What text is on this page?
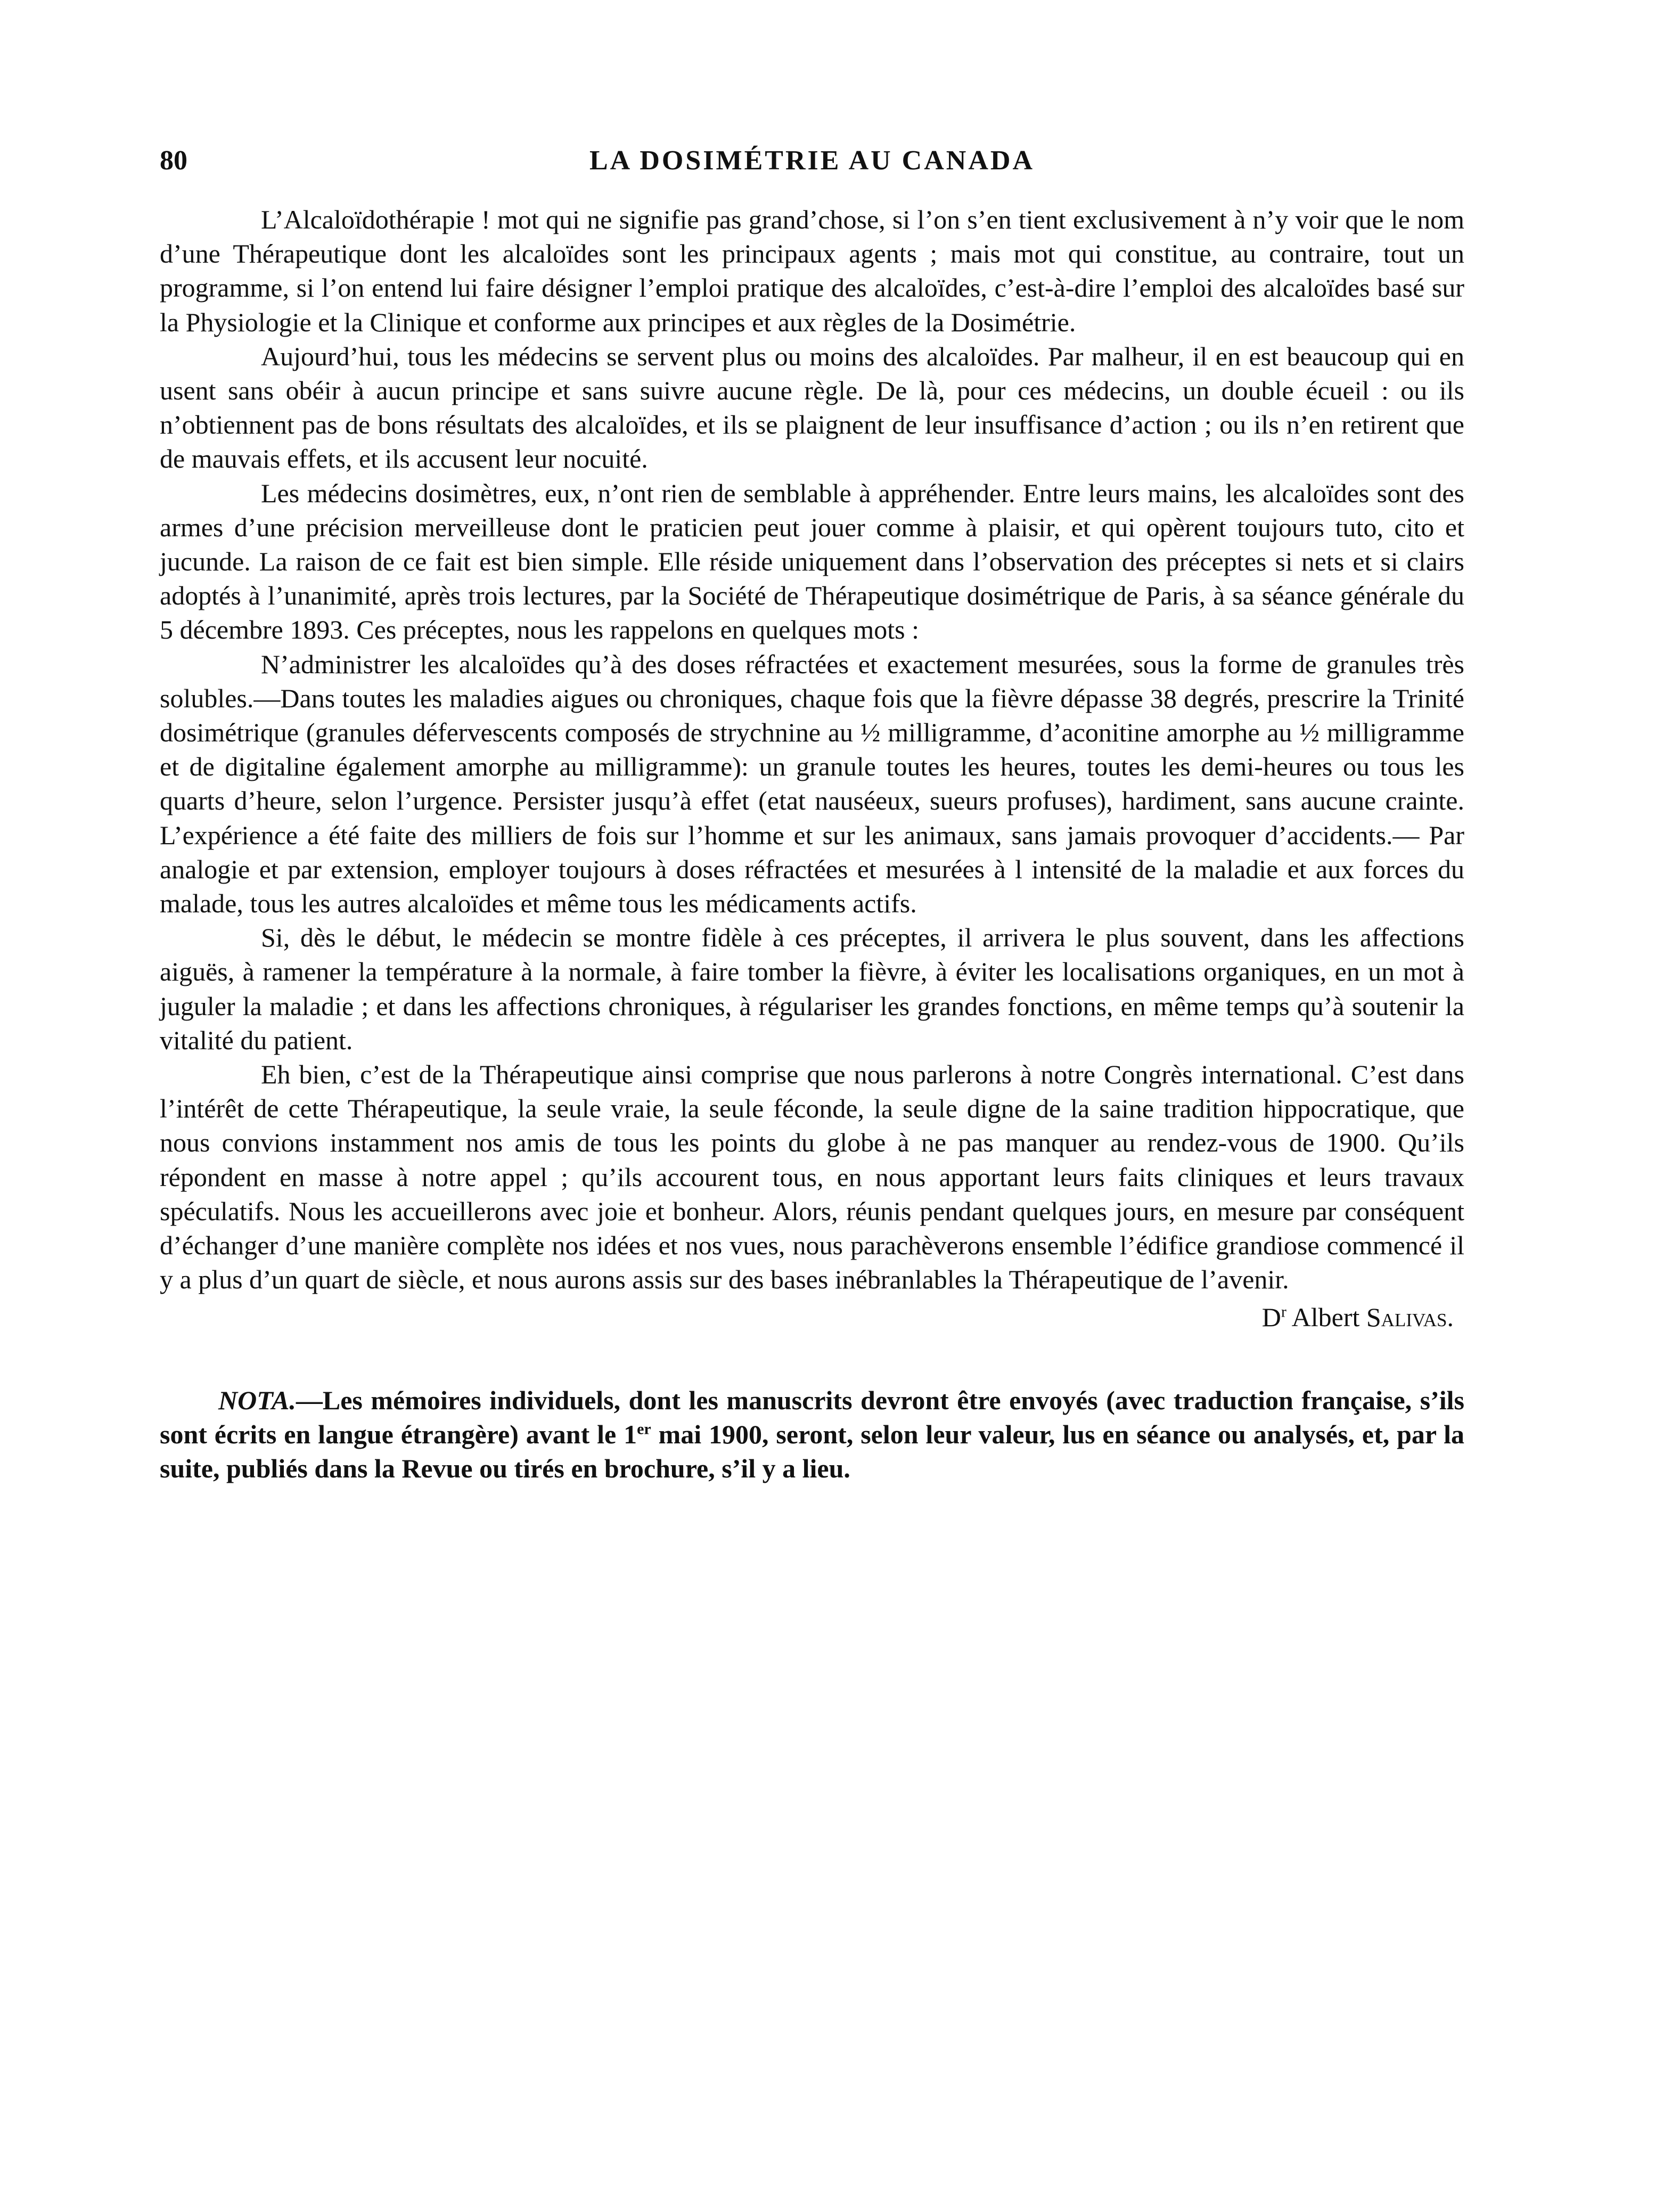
80	LA DOSIMÉTRIE AU CANADA

L’Alcaloïdothérapie ! mot qui ne signifie pas grand’chose, si l’on s’en tient exclusivement à n’y voir que le nom d’une Thérapeutique dont les alcaloïdes sont les principaux agents ; mais mot qui constitue, au contraire, tout un programme, si l’on entend lui faire désigner l’emploi pratique des alcaloïdes, c’est-à-dire l’emploi des alcaloïdes basé sur la Physiologie et la Clinique et conforme aux principes et aux règles de la Dosimétrie.

Aujourd’hui, tous les médecins se servent plus ou moins des alcaloïdes. Par malheur, il en est beaucoup qui en usent sans obéir à aucun principe et sans suivre aucune règle. De là, pour ces médecins, un double écueil : ou ils n’obtiennent pas de bons résultats des alcaloïdes, et ils se plaignent de leur insuffisance d’action ; ou ils n’en retirent que de mauvais effets, et ils accusent leur nocuité.

Les médecins dosimètres, eux, n’ont rien de semblable à appréhender. Entre leurs mains, les alcaloïdes sont des armes d’une précision merveilleuse dont le praticien peut jouer comme à plaisir, et qui opèrent toujours tuto, cito et jucunde. La raison de ce fait est bien simple. Elle réside uniquement dans l’observation des préceptes si nets et si clairs adoptés à l’unanimité, après trois lectures, par la Société de Thérapeutique dosimétrique de Paris, à sa séance générale du 5 décembre 1893. Ces préceptes, nous les rappelons en quelques mots :

N’administrer les alcaloïdes qu’à des doses réfractées et exactement mesurées, sous la forme de granules très solubles.—Dans toutes les maladies aigues ou chroniques, chaque fois que la fièvre dépasse 38 degrés, prescrire la Trinité dosimétrique (granules défervescents composés de strychnine au ½ milligramme, d’aconitine amorphe au ½ milligramme et de digitaline également amorphe au milligramme): un granule toutes les heures, toutes les demi-heures ou tous les quarts d’heure, selon l’urgence. Persister jusqu’à effet (etat nauséeux, sueurs profuses), hardiment, sans aucune crainte. L’expérience a été faite des milliers de fois sur l’homme et sur les animaux, sans jamais provoquer d’accidents.— Par analogie et par extension, employer toujours à doses réfractées et mesurées à l intensité de la maladie et aux forces du malade, tous les autres alcaloïdes et même tous les médicaments actifs.

Si, dès le début, le médecin se montre fidèle à ces préceptes, il arrivera le plus souvent, dans les affections aiguës, à ramener la température à la normale, à faire tomber la fièvre, à éviter les localisations organiques, en un mot à juguler la maladie ; et dans les affections chroniques, à régulariser les grandes fonctions, en même temps qu’à soutenir la vitalité du patient.

Eh bien, c’est de la Thérapeutique ainsi comprise que nous parlerons à notre Congrès international. C’est dans l’intérêt de cette Thérapeutique, la seule vraie, la seule féconde, la seule digne de la saine tradition hippocratique, que nous convions instamment nos amis de tous les points du globe à ne pas manquer au rendez-vous de 1900. Qu’ils répondent en masse à notre appel ; qu’ils accourent tous, en nous apportant leurs faits cliniques et leurs travaux spéculatifs. Nous les accueillerons avec joie et bonheur. Alors, réunis pendant quelques jours, en mesure par conséquent d’échanger d’une manière complète nos idées et nos vues, nous parachèverons ensemble l’édifice grandiose commencé il y a plus d’un quart de siècle, et nous aurons assis sur des bases inébranlables la Thérapeutique de l’avenir.

$D^r$ Albert Salivas.

NOTA.—Les mémoires individuels, dont les manuscrits devront être envoyés (avec traduction française, s’ils sont écrits en langue étrangère) avant le 1er mai 1900, seront, selon leur valeur, lus en séance ou analysés, et, par la suite, publiés dans la Revue ou tirés en brochure, s’il y a lieu.
